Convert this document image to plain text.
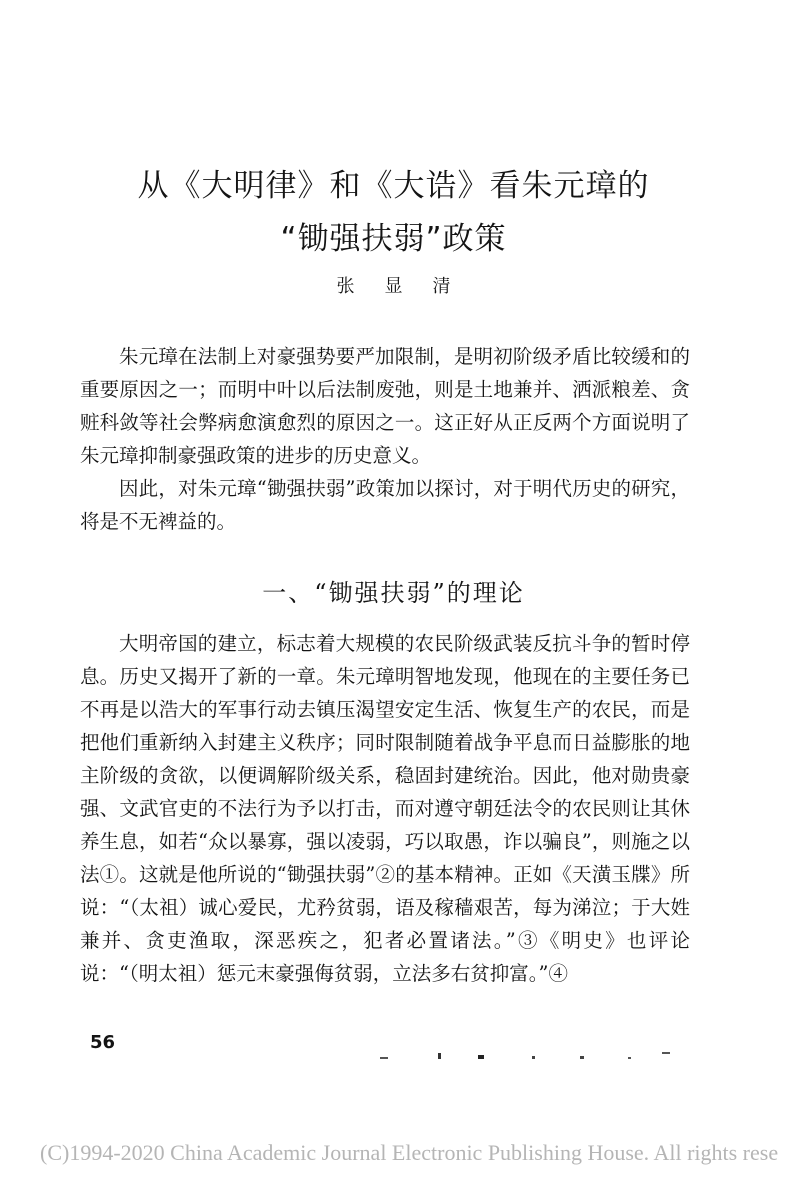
从《大明律》和《大诰》看朱元璋的
“锄强扶弱”政策
张显清

朱元璋在法制上对豪强势要严加限制，是明初阶级矛盾比较缓和的重要原因之一；而明中叶以后法制废弛，则是土地兼并、洒派粮差、贪赃科敛等社会弊病愈演愈烈的原因之一。这正好从正反两个方面说明了朱元璋抑制豪强政策的进步的历史意义。

因此，对朱元璋“锄强扶弱”政策加以探讨，对于明代历史的研究，将是不无裨益的。

一、“锄强扶弱”的理论

大明帝国的建立，标志着大规模的农民阶级武装反抗斗争的暂时停息。历史又揭开了新的一章。朱元璋明智地发现，他现在的主要任务已不再是以浩大的军事行动去镇压渴望安定生活、恢复生产的农民，而是把他们重新纳入封建主义秩序；同时限制随着战争平息而日益膨胀的地主阶级的贪欲，以便调解阶级关系，稳固封建统治。因此，他对勋贵豪强、文武官吏的不法行为予以打击，而对遵守朝廷法令的农民则让其休养生息，如若“众以暴寡，强以凌弱，巧以取愚，诈以骗良”，则施之以法①。这就是他所说的“锄强扶弱”②的基本精神。正如《天潢玉牒》所说：“（太祖）诚心爱民，尤矜贫弱，语及稼穑艰苦，每为涕泣；于大姓兼并、贪吏渔取，深恶疾之，犯者必置诸法。”③《明史》也评论说：“（明太祖）惩元末豪强侮贫弱，立法多右贫抑富。”④

56
(C)1994-2020 China Academic Journal Electronic Publishing House. All rights rese
